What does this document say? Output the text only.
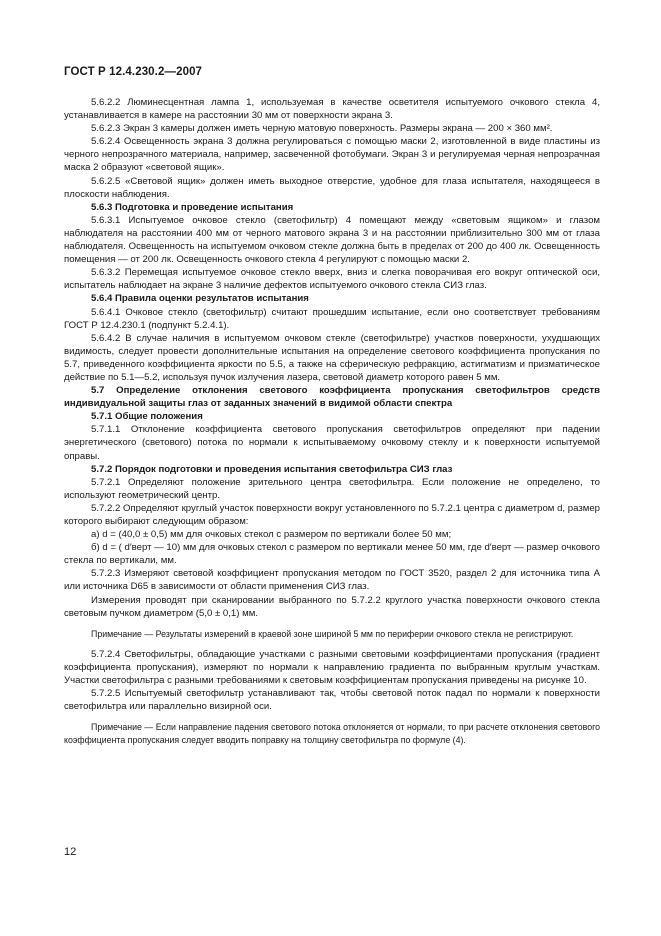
ГОСТ Р 12.4.230.2—2007

5.6.2.2 Люминесцентная лампа 1, используемая в качестве осветителя испытуемого очкового стекла 4, устанавливается в камере на расстоянии 30 мм от поверхности экрана 3.

5.6.2.3 Экран 3 камеры должен иметь черную матовую поверхность. Размеры экрана — 200 × 360 мм².

5.6.2.4 Освещенность экрана 3 должна регулироваться с помощью маски 2, изготовленной в виде пластины из черного непрозрачного материала, например, засвеченной фотобумаги. Экран 3 и регулируемая черная непрозрачная маска 2 образуют «световой ящик».

5.6.2.5 «Световой ящик» должен иметь выходное отверстие, удобное для глаза испытателя, находящееся в плоскости наблюдения.

5.6.3 Подготовка и проведение испытания

5.6.3.1 Испытуемое очковое стекло (светофильтр) 4 помещают между «световым ящиком» и глазом наблюдателя на расстоянии 400 мм от черного матового экрана 3 и на расстоянии приблизительно 300 мм от глаза наблюдателя. Освещенность на испытуемом очковом стекле должна быть в пределах от 200 до 400 лк. Освещенность помещения — от 200 лк. Освещенность очкового стекла 4 регулируют с помощью маски 2.

5.6.3.2 Перемещая испытуемое очковое стекло вверх, вниз и слегка поворачивая его вокруг оптической оси, испытатель наблюдает на экране 3 наличие дефектов испытуемого очкового стекла СИЗ глаз.

5.6.4 Правила оценки результатов испытания

5.6.4.1 Очковое стекло (светофильтр) считают прошедшим испытание, если оно соответствует требованиям ГОСТ Р 12.4.230.1 (подпункт 5.2.4.1).

5.6.4.2 В случае наличия в испытуемом очковом стекле (светофильтре) участков поверхности, ухудшающих видимость, следует провести дополнительные испытания на определение светового коэффициента пропускания по 5.7, приведенного коэффициента яркости по 5.5, а также на сферическую рефракцию, астигматизм и призматическое действие по 5.1—5.2, используя пучок излучения лазера, световой диаметр которого равен 5 мм.

5.7 Определение отклонения светового коэффициента пропускания светофильтров средств индивидуальной защиты глаз от заданных значений в видимой области спектра

5.7.1 Общие положения

5.7.1.1 Отклонение коэффициента светового пропускания светофильтров определяют при падении энергетического (светового) потока по нормали к испытываемому очковому стеклу и к поверхности испытуемой оправы.

5.7.2 Порядок подготовки и проведения испытания светофильтра СИЗ глаз

5.7.2.1 Определяют положение зрительного центра светофильтра. Если положение не определено, то используют геометрический центр.

5.7.2.2 Определяют круглый участок поверхности вокруг установленного по 5.7.2.1 центра с диаметром d, размер которого выбирают следующим образом:

а) d = (40,0 ± 0,5) мм для очковых стекол с размером по вертикали более 50 мм;

б) d = ( d′верт — 10) мм для очковых стекол с размером по вертикали менее 50 мм, где d′верт — размер очкового стекла по вертикали, мм.

5.7.2.3 Измеряют световой коэффициент пропускания методом по ГОСТ 3520, раздел 2 для источника типа А или источника D65 в зависимости от области применения СИЗ глаз.

Измерения проводят при сканировании выбранного по 5.7.2.2 круглого участка поверхности очкового стекла световым пучком диаметром (5,0 ± 0,1) мм.

Примечание — Результаты измерений в краевой зоне шириной 5 мм по периферии очкового стекла не регистрируют.

5.7.2.4 Светофильтры, обладающие участками с разными световыми коэффициентами пропускания (градиент коэффициента пропускания), измеряют по нормали к направлению градиента по выбранным круглым участкам. Участки светофильтра с разными требованиями к световым коэффициентам пропускания приведены на рисунке 10.

5.7.2.5 Испытуемый светофильтр устанавливают так, чтобы световой поток падал по нормали к поверхности светофильтра или параллельно визирной оси.

Примечание — Если направление падения светового потока отклоняется от нормали, то при расчете отклонения светового коэффициента пропускания следует вводить поправку на толщину светофильтра по формуле (4).

12
